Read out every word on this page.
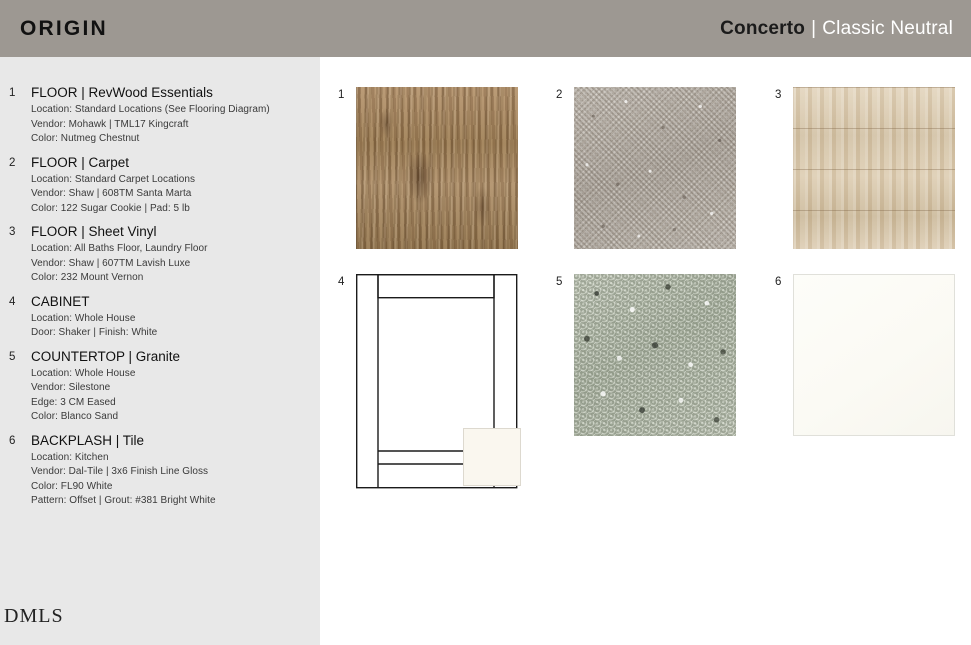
ORIGIN	Concerto | Classic Neutral
1	FLOOR | RevWood Essentials
Location: Standard Locations (See Flooring Diagram)
Vendor: Mohawk | TML17 Kingcraft
Color: Nutmeg Chestnut
2	FLOOR | Carpet
Location: Standard Carpet Locations
Vendor: Shaw | 608TM Santa Marta
Color: 122 Sugar Cookie | Pad: 5 lb
3	FLOOR | Sheet Vinyl
Location: All Baths Floor, Laundry Floor
Vendor: Shaw | 607TM Lavish Luxe
Color: 232 Mount Vernon
4	CABINET
Location: Whole House
Door: Shaker | Finish: White
5	COUNTERTOP | Granite
Location: Whole House
Vendor: Silestone
Edge: 3 CM Eased
Color: Blanco Sand
6	BACKPLASH | Tile
Location: Kitchen
Vendor: Dal-Tile | 3x6 Finish Line Gloss
Color: FL90 White
Pattern: Offset | Grout: #381 Bright White
DMLS
1	2	3
4	5	6
